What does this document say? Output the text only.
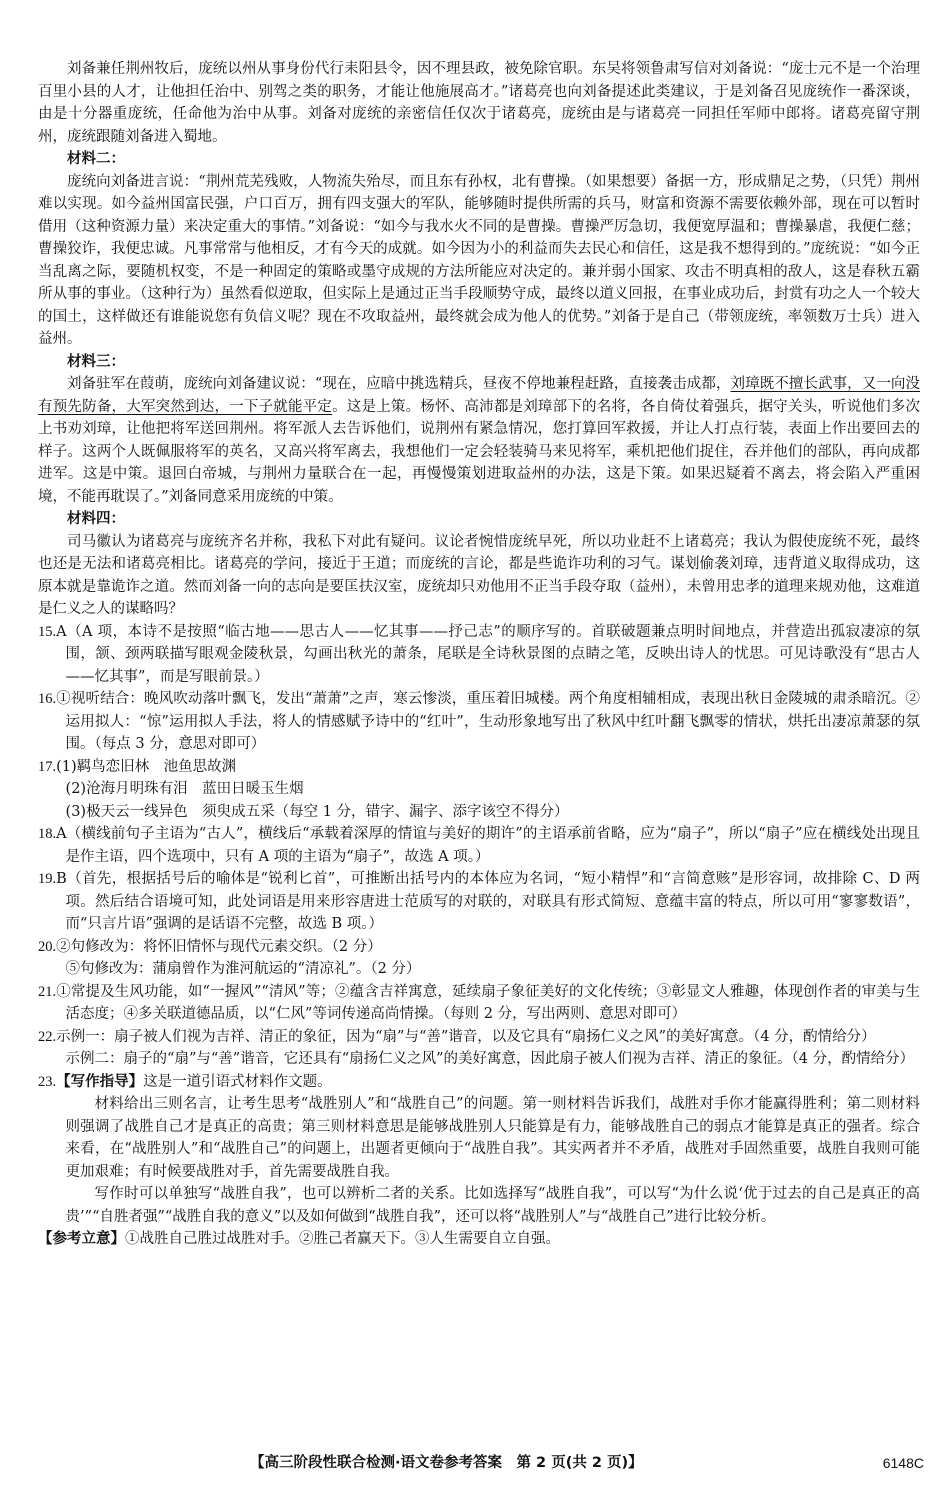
刘备兼任荆州牧后，庞统以州从事身份代行耒阳县令，因不理县政，被免除官职。东吴将领鲁肃写信对刘备说：“庞士元不是一个治理百里小县的人才，让他担任治中、别驾之类的职务，才能让他施展高才。”诸葛亮也向刘备提述此类建议，于是刘备召见庞统作一番深谈，由是十分器重庞统，任命他为治中从事。刘备对庞统的亲密信任仅次于诸葛亮，庞统由是与诸葛亮一同担任军师中郎将。诸葛亮留守荆州，庞统跟随刘备进入蜀地。

材料二：

庞统向刘备进言说：“荆州荒芜残败，人物流失殆尽，而且东有孙权，北有曹操。（如果想要）备据一方，形成鼎足之势，（只凭）荆州难以实现。如今益州国富民强，户口百万，拥有四支强大的军队，能够随时提供所需的兵马，财富和资源不需要依赖外部，现在可以暂时借用（这种资源力量）来决定重大的事情。”刘备说：“如今与我水火不同的是曹操。曹操严厉急切，我便宽厚温和；曹操暴虐，我便仁慈；曹操狡诈，我便忠诚。凡事常常与他相反，才有今天的成就。如今因为小的利益而失去民心和信任，这是我不想得到的。”庞统说：“如今正当乱离之际，要随机权变，不是一种固定的策略或墨守成规的方法所能应对决定的。兼并弱小国家、攻击不明真相的敌人，这是春秋五霸所从事的事业。（这种行为）虽然看似逆取，但实际上是通过正当手段顺势守成，最终以道义回报，在事业成功后，封赏有功之人一个较大的国土，这样做还有谁能说您有负信义呢？现在不攻取益州，最终就会成为他人的优势。”刘备于是自己（带领庞统，率领数万士兵）进入益州。

材料三：

刘备驻军在葭萌，庞统向刘备建议说：“现在，应暗中挑选精兵，昼夜不停地兼程赶路，直接袭击成都，刘璋既不擅长武事，又一向没有预先防备，大军突然到达，一下子就能平定。这是上策。杨怀、高沛都是刘璋部下的名将，各自倚仗着强兵，据守关头，听说他们多次上书劝刘璋，让他把将军送回荆州。将军派人去告诉他们，说荆州有紧急情况，您打算回军救援，并让人打点行装，表面上作出要回去的样子。这两个人既佩服将军的英名，又高兴将军离去，我想他们一定会轻装骑马来见将军，乘机把他们捉住，吞并他们的部队，再向成都进军。这是中策。退回白帝城，与荆州力量联合在一起，再慢慢策划进取益州的办法，这是下策。如果迟疑着不离去，将会陷入严重困境，不能再耽误了。”刘备同意采用庞统的中策。

材料四：

司马徽认为诸葛亮与庞统齐名并称，我私下对此有疑问。议论者惋惜庞统早死，所以功业赶不上诸葛亮；我认为假使庞统不死，最终也还是无法和诸葛亮相比。诸葛亮的学问，接近于王道；而庞统的言论，都是些诡诈功利的习气。谋划偷袭刘璋，违背道义取得成功，这原本就是靠诡诈之道。然而刘备一向的志向是要匡扶汉室，庞统却只劝他用不正当手段夺取（益州），未曾用忠孝的道理来规劝他，这难道是仁义之人的谋略吗？

15.A（A 项，本诗不是按照“临古地——思古人——忆其事——抒己志”的顺序写的。首联破题兼点明时间地点，并营造出孤寂凄凉的氛围，颔、颈两联描写眼观金陵秋景，勾画出秋光的萧条，尾联是全诗秋景图的点睛之笔，反映出诗人的忧思。可见诗歌没有“思古人——忆其事”，而是写眼前景。）

16.①视听结合：晚风吹动落叶飘飞，发出“萧萧”之声，寒云惨淡，重压着旧城楼。两个角度相辅相成，表现出秋日金陵城的肃杀暗沉。②运用拟人：“惊”运用拟人手法，将人的情感赋予诗中的“红叶”，生动形象地写出了秋风中红叶翻飞飘零的情状，烘托出凄凉萧瑟的氛围。（每点 3 分，意思对即可）

17.(1)羁鸟恋旧林　池鱼思故渊

(2)沧海月明珠有泪　蓝田日暖玉生烟

(3)极天云一线异色　须臾成五采（每空 1 分，错字、漏字、添字该空不得分）

18.A（横线前句子主语为“古人”，横线后“承载着深厚的情谊与美好的期许”的主语承前省略，应为“扇子”，所以“扇子”应在横线处出现且是作主语，四个选项中，只有 A 项的主语为“扇子”，故选 A 项。）

19.B（首先，根据括号后的喻体是“锐利匕首”，可推断出括号内的本体应为名词，“短小精悍”和“言简意赅”是形容词，故排除 C、D 两项。然后结合语境可知，此处词语是用来形容唐进士范质写的对联的，对联具有形式简短、意蕴丰富的特点，所以可用“寥寥数语”，而“只言片语”强调的是话语不完整，故选 B 项。）

20.②句修改为：将怀旧情怀与现代元素交织。（2 分）

⑤句修改为：蒲扇曾作为淮河航运的“清凉礼”。（2 分）

21.①常提及生风功能，如“一握风”“清风”等；②蕴含吉祥寓意，延续扇子象征美好的文化传统；③彰显文人雅趣，体现创作者的审美与生活态度；④多关联道德品质，以“仁风”等词传递高尚情操。（每则 2 分，写出两则、意思对即可）

22.示例一：扇子被人们视为吉祥、清正的象征，因为“扇”与“善”谐音，以及它具有“扇扬仁义之风”的美好寓意。（4 分，酌情给分）

示例二：扇子的“扇”与“善”谐音，它还具有“扇扬仁义之风”的美好寓意，因此扇子被人们视为吉祥、清正的象征。（4 分，酌情给分）

23.【写作指导】这是一道引语式材料作文题。

材料给出三则名言，让考生思考“战胜别人”和“战胜自己”的问题。第一则材料告诉我们，战胜对手你才能赢得胜利；第二则材料则强调了战胜自己才是真正的高贵；第三则材料意思是能够战胜别人只能算是有力，能够战胜自己的弱点才能算是真正的强者。综合来看，在“战胜别人”和“战胜自己”的问题上，出题者更倾向于“战胜自我”。其实两者并不矛盾，战胜对手固然重要，战胜自我则可能更加艰难；有时候要战胜对手，首先需要战胜自我。

写作时可以单独写“战胜自我”，也可以辨析二者的关系。比如选择写“战胜自我”，可以写“为什么说‘优于过去的自己是真正的高贵’”“自胜者强”“战胜自我的意义”以及如何做到“战胜自我”，还可以将“战胜别人”与“战胜自己”进行比较分析。

【参考立意】①战胜自己胜过战胜对手。②胜己者赢天下。③人生需要自立自强。

【高三阶段性联合检测·语文卷参考答案　第 2 页(共 2 页)】	6148C
